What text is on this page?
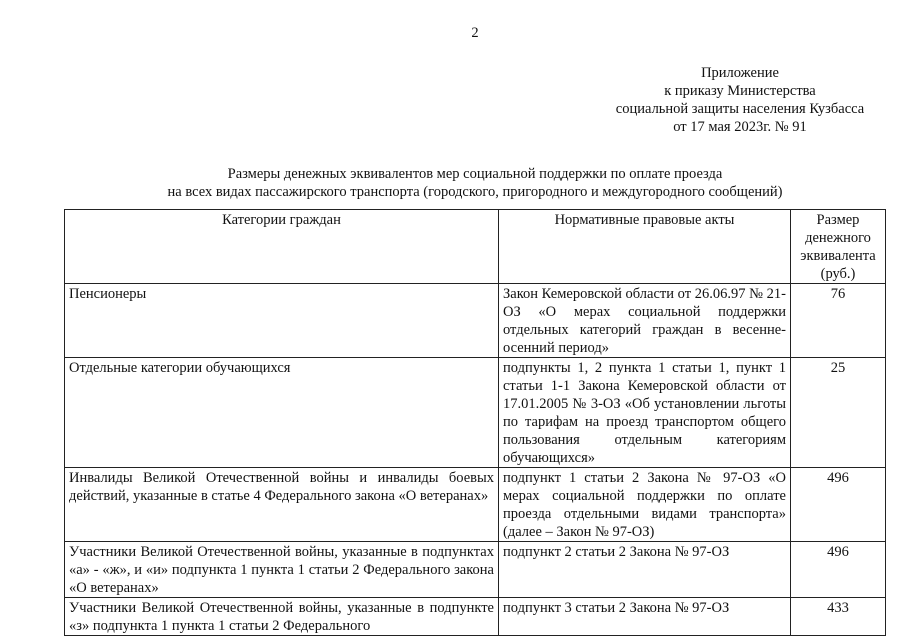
2
Приложение
к приказу Министерства
социальной защиты населения Кузбасса
от 17 мая 2023г. № 91
Размеры денежных эквивалентов мер социальной поддержки по оплате проезда
на всех видах пассажирского транспорта (городского, пригородного и междугородного сообщений)
Категории граждан	Нормативные правовые акты	Размер денежного эквивалента (руб.)
Пенсионеры	Закон Кемеровской области от 26.06.97 № 21-ОЗ «О мерах социальной поддержки отдельных категорий граждан в весенне-осенний период»	76
Отдельные категории обучающихся	подпункты 1, 2 пункта 1 статьи 1, пункт 1 статьи 1-1 Закона Кемеровской области от 17.01.2005 № 3-ОЗ «Об установлении льготы по тарифам на проезд транспортом общего пользования отдельным категориям обучающихся»	25
Инвалиды Великой Отечественной войны и инвалиды боевых действий, указанные в статье 4 Федерального закона «О ветеранах»	подпункт 1 статьи 2 Закона № 97-ОЗ «О мерах социальной поддержки по оплате проезда отдельными видами транспорта» (далее – Закон № 97-ОЗ)	496
Участники Великой Отечественной войны, указанные в подпунктах «а» - «ж», и «и» подпункта 1 пункта 1 статьи 2 Федерального закона «О ветеранах»	подпункт 2 статьи 2 Закона № 97-ОЗ	496
Участники Великой Отечественной войны, указанные в подпункте «з» подпункта 1 пункта 1 статьи 2 Федерального	подпункт 3 статьи 2 Закона № 97-ОЗ	433
